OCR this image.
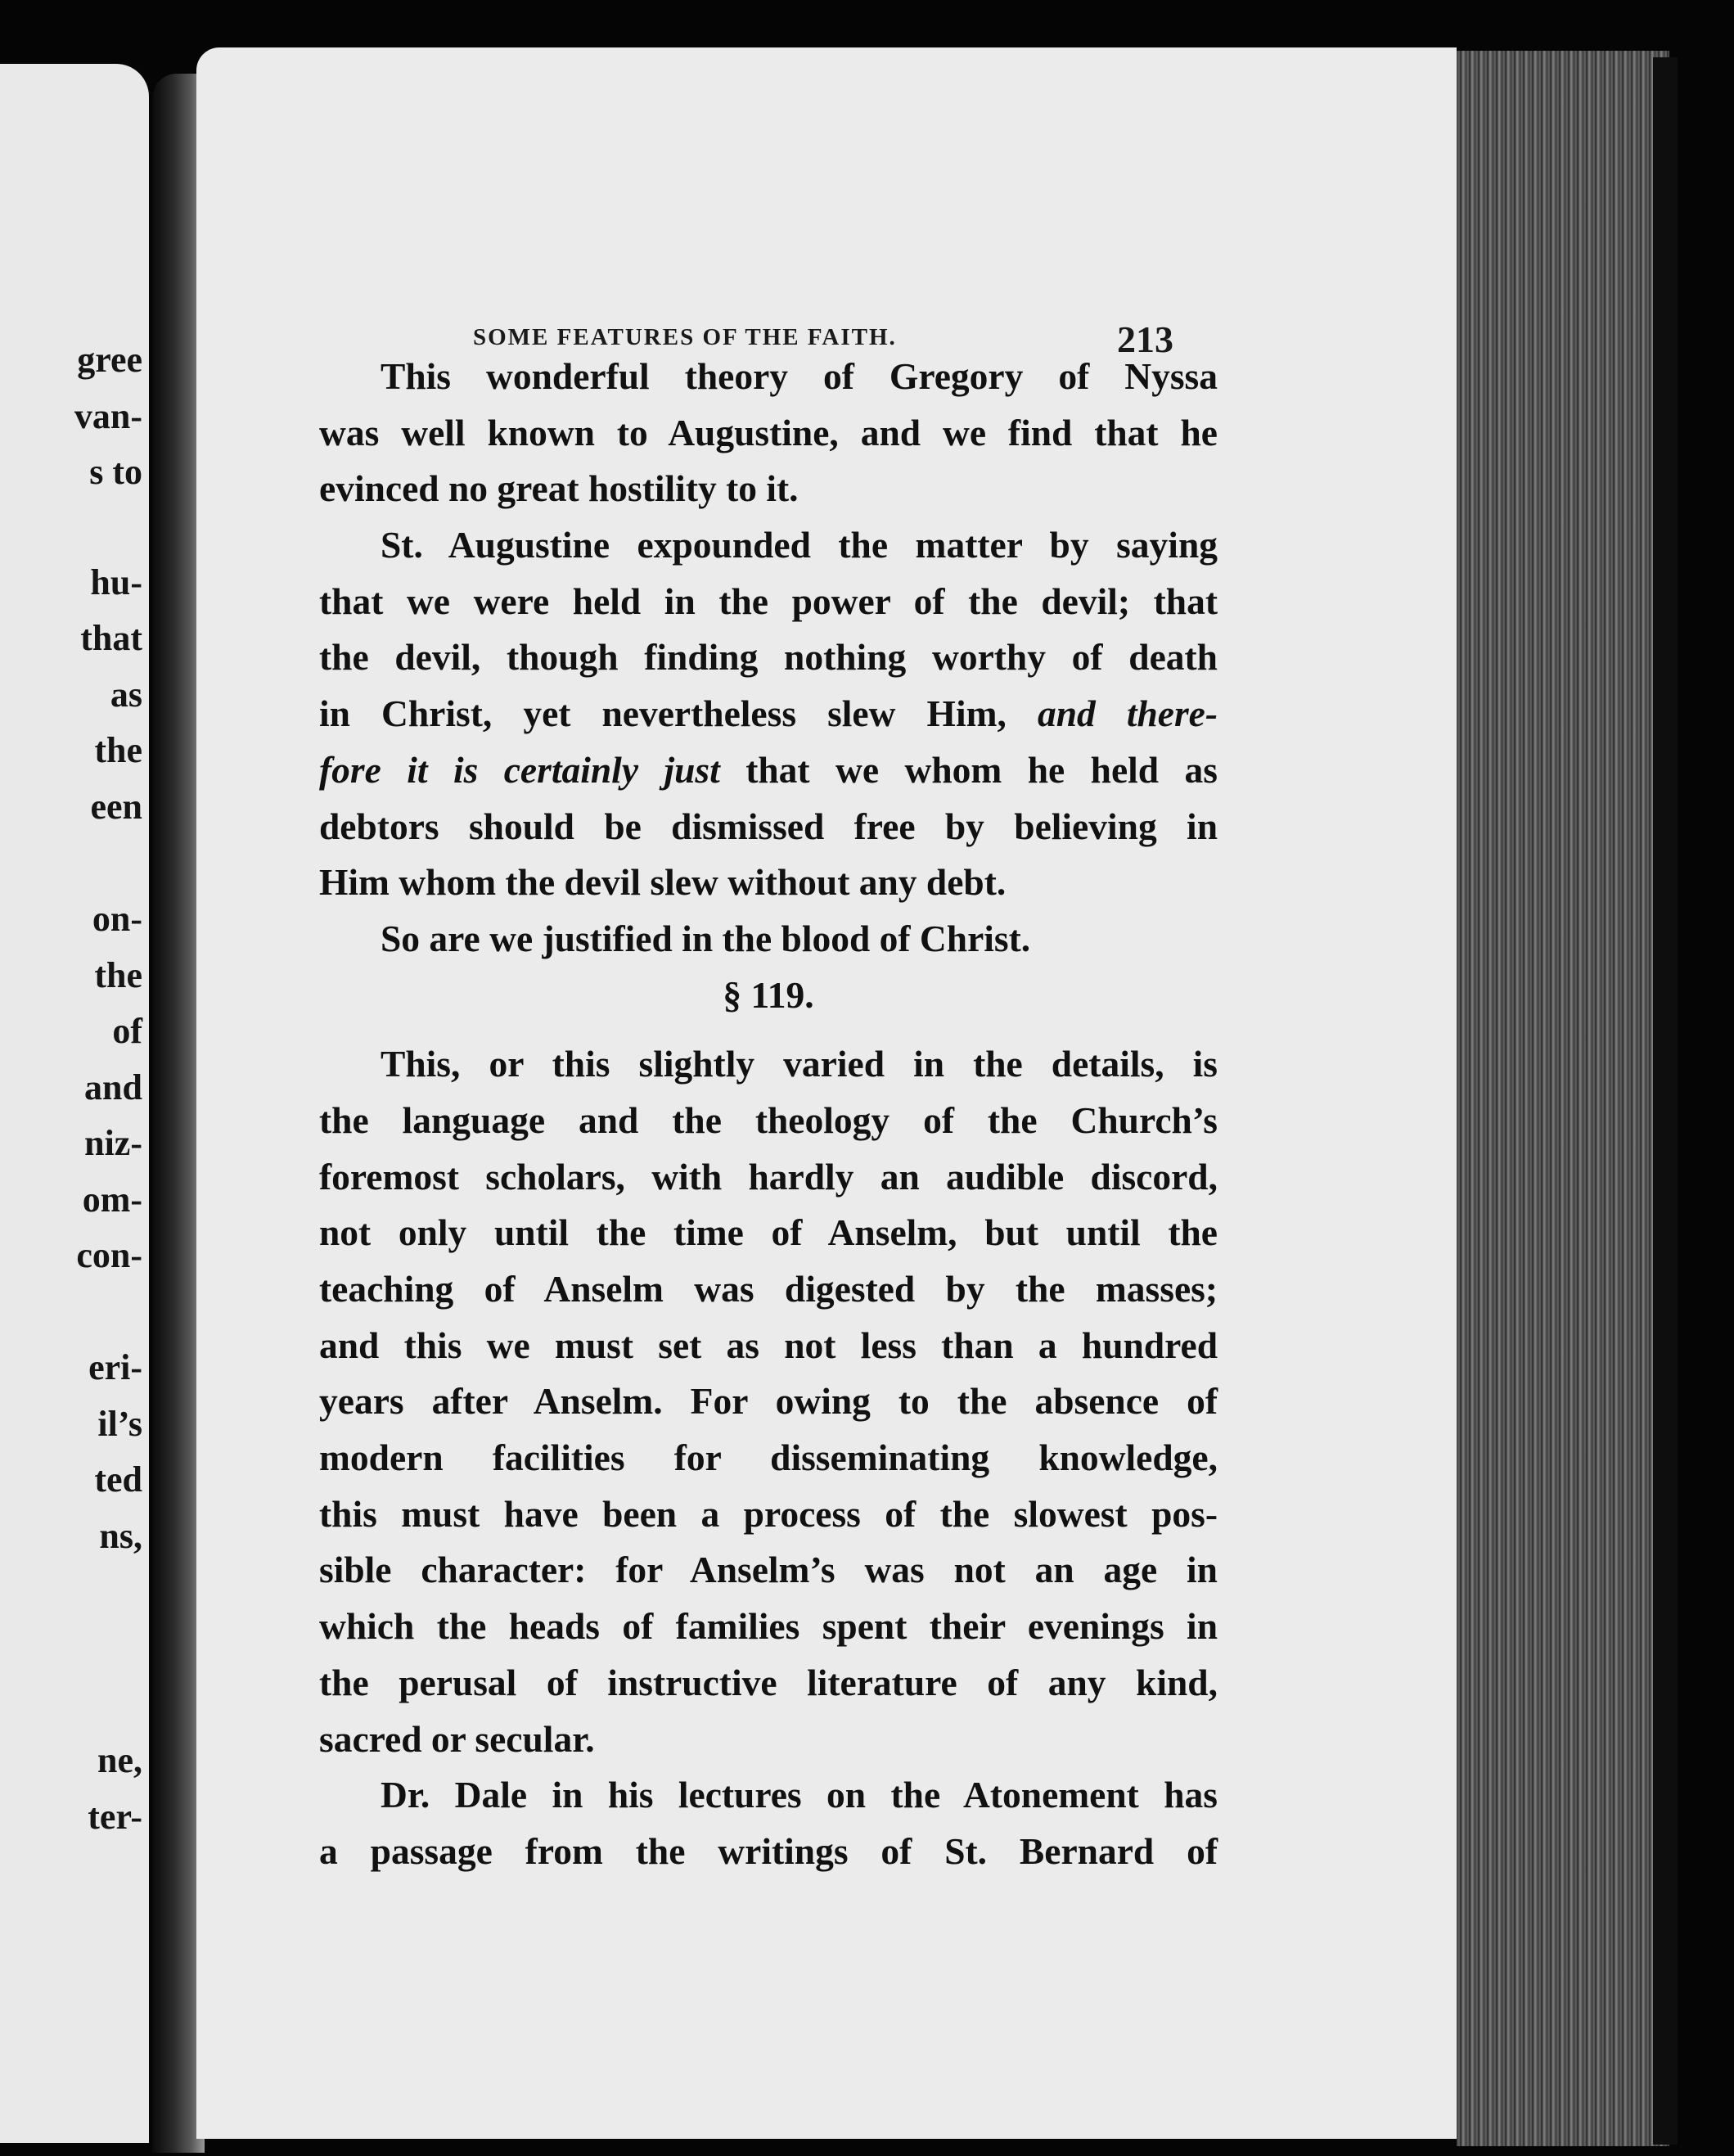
gree
van-
s to
hu-
that
as
the
een
on-
the
of
and
niz-
om-
con-
eri-
il’s
ted
ns,
ne,
ter-
SOME FEATURES OF THE FAITH.	213
This wonderful theory of Gregory of Nyssa
was well known to Augustine, and we find that he
evinced no great hostility to it.
St. Augustine expounded the matter by saying
that we were held in the power of the devil; that
the devil, though finding nothing worthy of death
in Christ, yet nevertheless slew Him, and there-
fore it is certainly just that we whom he held as
debtors should be dismissed free by believing in
Him whom the devil slew without any debt.
So are we justified in the blood of Christ.
§ 119.
This, or this slightly varied in the details, is
the language and the theology of the Church’s
foremost scholars, with hardly an audible discord,
not only until the time of Anselm, but until the
teaching of Anselm was digested by the masses;
and this we must set as not less than a hundred
years after Anselm. For owing to the absence of
modern facilities for disseminating knowledge,
this must have been a process of the slowest pos-
sible character: for Anselm’s was not an age in
which the heads of families spent their evenings in
the perusal of instructive literature of any kind,
sacred or secular.
Dr. Dale in his lectures on the Atonement has
a passage from the writings of St. Bernard of
